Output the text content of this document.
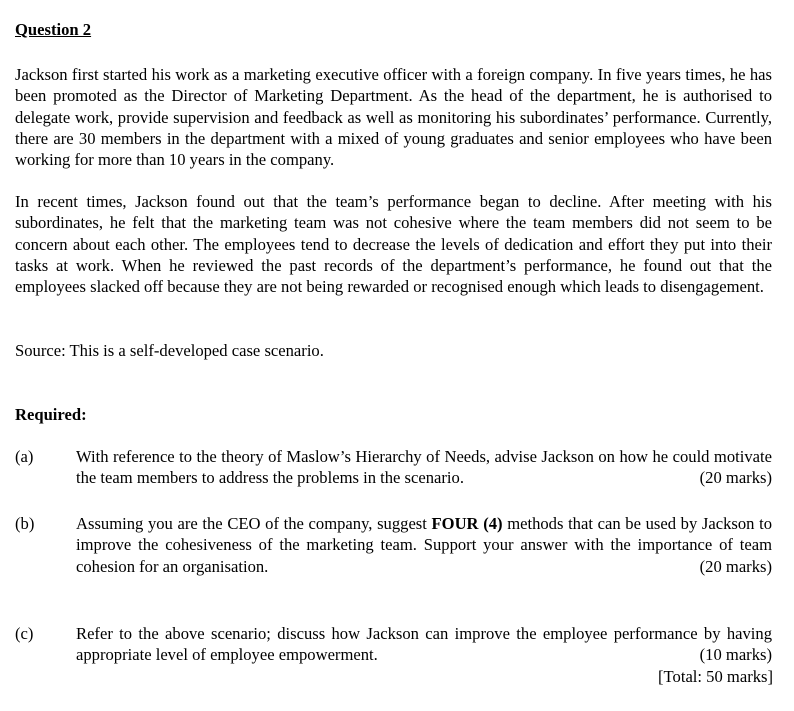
Question 2

Jackson first started his work as a marketing executive officer with a foreign company. In five years times, he has been promoted as the Director of Marketing Department. As the head of the department, he is authorised to delegate work, provide supervision and feedback as well as monitoring his subordinates’ performance. Currently, there are 30 members in the department with a mixed of young graduates and senior employees who have been working for more than 10 years in the company.

In recent times, Jackson found out that the team’s performance began to decline. After meeting with his subordinates, he felt that the marketing team was not cohesive where the team members did not seem to be concern about each other. The employees tend to decrease the levels of dedication and effort they put into their tasks at work. When he reviewed the past records of the department’s performance, he found out that the employees slacked off because they are not being rewarded or recognised enough which leads to disengagement.

Source: This is a self-developed case scenario.
Required:
(a)	With reference to the theory of Maslow’s Hierarchy of Needs, advise Jackson on how he could motivate the team members to address the problems in the scenario.	(20 marks)
(b)	Assuming you are the CEO of the company, suggest FOUR (4) methods that can be used by Jackson to improve the cohesiveness of the marketing team. Support your answer with the importance of team cohesion for an organisation.	(20 marks)
(c)	Refer to the above scenario; discuss how Jackson can improve the employee performance by having appropriate level of employee empowerment.	(10 marks)
[Total: 50 marks]
